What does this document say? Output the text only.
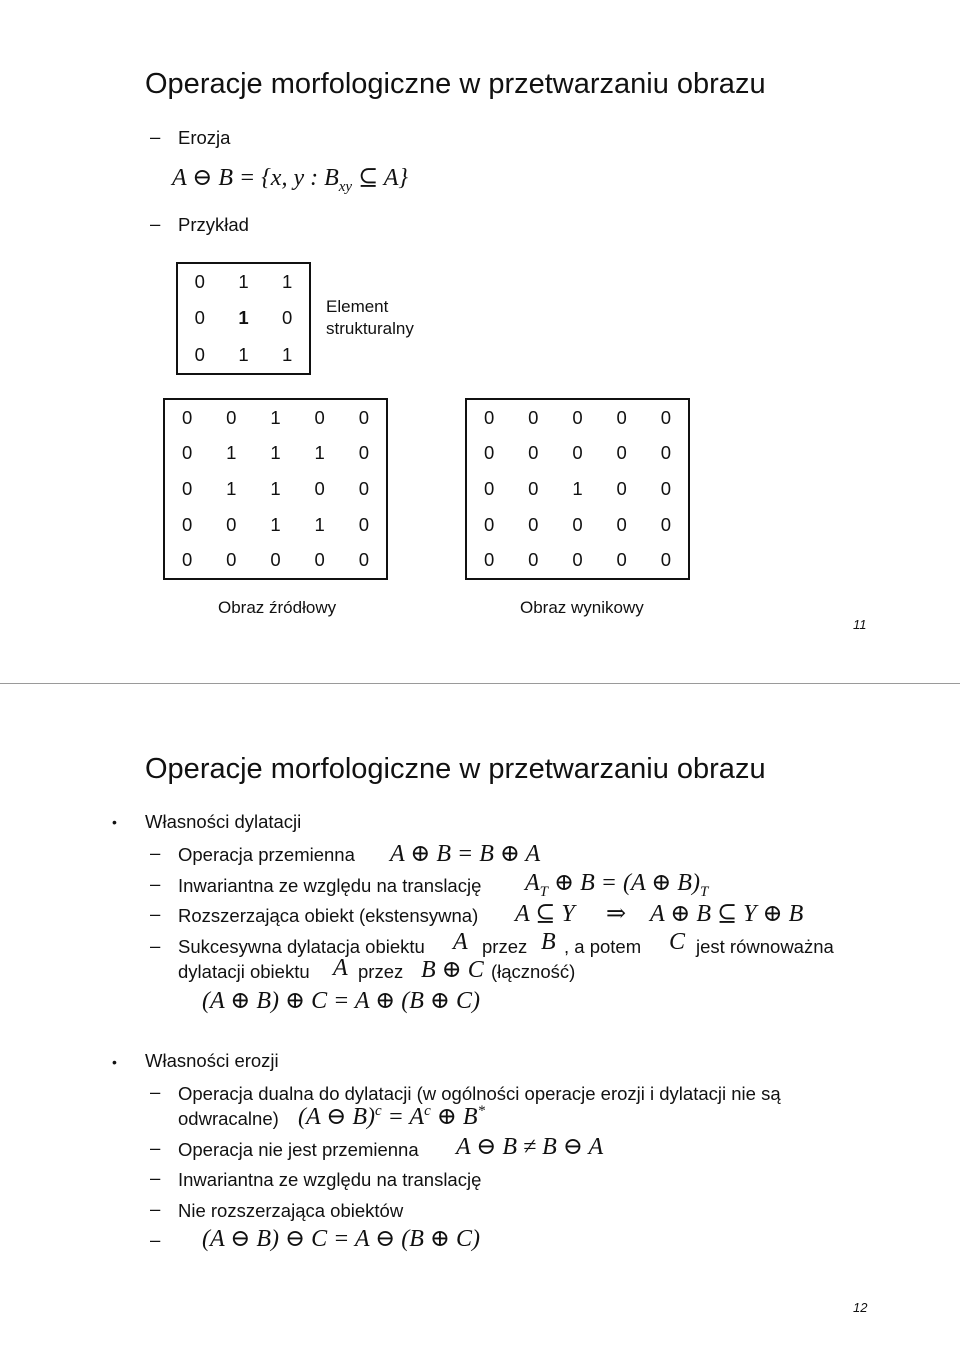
Operacje morfologiczne w przetwarzaniu obrazu
– Erozja
A ⊖ B = {x, y : $B_{xy}$ ⊆ A}
– Przykład
0	1	1
0	1	0
0	1	1
Element
strukturalny
0	0	1	0	0
0	1	1	1	0
0	1	1	0	0
0	0	1	1	0
0	0	0	0	0
0	0	0	0	0
0	0	0	0	0
0	0	1	0	0
0	0	0	0	0
0	0	0	0	0
Obraz źródłowy	Obraz wynikowy
11
Operacje morfologiczne w przetwarzaniu obrazu
• Własności dylatacji
– Operacja przemienna A ⊕ B = B ⊕ A
– Inwariantna ze względu na translację $A_T$ ⊕ B = (A ⊕ $B)_T$
– Rozszerzająca obiekt (ekstensywna) A ⊆ Y ⇒ A ⊕ B ⊆ Y ⊕ B
– Sukcesywna dylatacja obiektu A przez B , a potem C jest równoważna
dylatacji obiektu A przez B ⊕ C (łączność)
(A ⊕ B) ⊕ C = A ⊕ (B ⊕ C)
• Własności erozji
– Operacja dualna do dylatacji (w ogólności operacje erozji i dylatacji nie są
odwracalne) (A ⊖ $B)^c = A^c$ ⊕ B*
– Operacja nie jest przemienna A ⊖ B ≠ B ⊖ A
– Inwariantna ze względu na translację
– Nie rozszerzająca obiektów
– (A ⊖ B) ⊖ C = A ⊖ (B ⊕ C)
12
